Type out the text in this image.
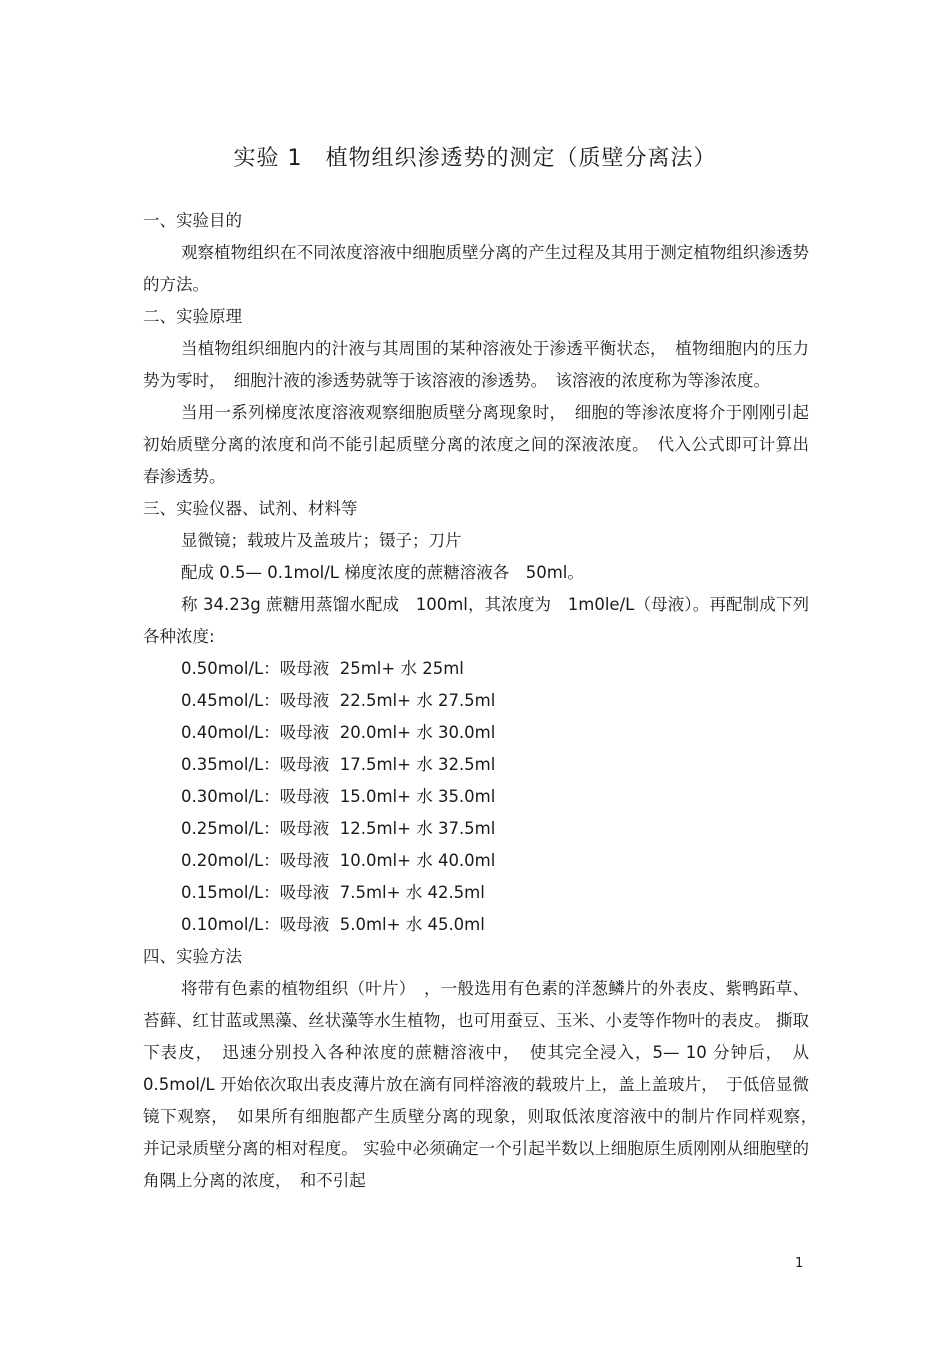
实验 1　植物组织渗透势的测定（质壁分离法）

一、实验目的

观察植物组织在不同浓度溶液中细胞质壁分离的产生过程及其用于测定植物组织渗透势的方法。

二、实验原理

当植物组织细胞内的汁液与其周围的某种溶液处于渗透平衡状态，　植物细胞内的压力势为零时，　细胞汁液的渗透势就等于该溶液的渗透势。　该溶液的浓度称为等渗浓度。

当用一系列梯度浓度溶液观察细胞质壁分离现象时，　细胞的等渗浓度将介于刚刚引起初始质壁分离的浓度和尚不能引起质壁分离的浓度之间的深液浓度。　代入公式即可计算出春渗透势。

三、实验仪器、试剂、材料等

显微镜；载玻片及盖玻片；镊子；刀片

配成 0.5— 0.1mol/L 梯度浓度的蔗糖溶液各　50ml。

称 34.23g 蔗糖用蒸馏水配成　100ml，其浓度为　1m0le/L（母液）。再配制成下列各种浓度:

0.50mol/L：吸母液  25ml+ 水 25ml

0.45mol/L：吸母液  22.5ml+ 水 27.5ml

0.40mol/L：吸母液  20.0ml+ 水 30.0ml

0.35mol/L：吸母液  17.5ml+ 水 32.5ml

0.30mol/L：吸母液  15.0ml+ 水 35.0ml

0.25mol/L：吸母液  12.5ml+ 水 37.5ml

0.20mol/L：吸母液  10.0ml+ 水 40.0ml

0.15mol/L：吸母液  7.5ml+ 水 42.5ml

0.10mol/L：吸母液  5.0ml+ 水 45.0ml

四、实验方法

将带有色素的植物组织（叶片）　，一般选用有色素的洋葱鳞片的外表皮、紫鸭跖草、苔藓、红甘蓝或黑藻、丝状藻等水生植物，也可用蚕豆、玉米、小麦等作物叶的表皮。 撕取下表皮，　迅速分别投入各种浓度的蔗糖溶液中，　使其完全浸入，5— 10 分钟后，　从 0.5mol/L 开始依次取出表皮薄片放在滴有同样溶液的载玻片上，盖上盖玻片，　于低倍显微镜下观察，　如果所有细胞都产生质壁分离的现象，则取低浓度溶液中的制片作同样观察，　并记录质壁分离的相对程度。 实验中必须确定一个引起半数以上细胞原生质刚刚从细胞壁的角隅上分离的浓度，　和不引起

1
